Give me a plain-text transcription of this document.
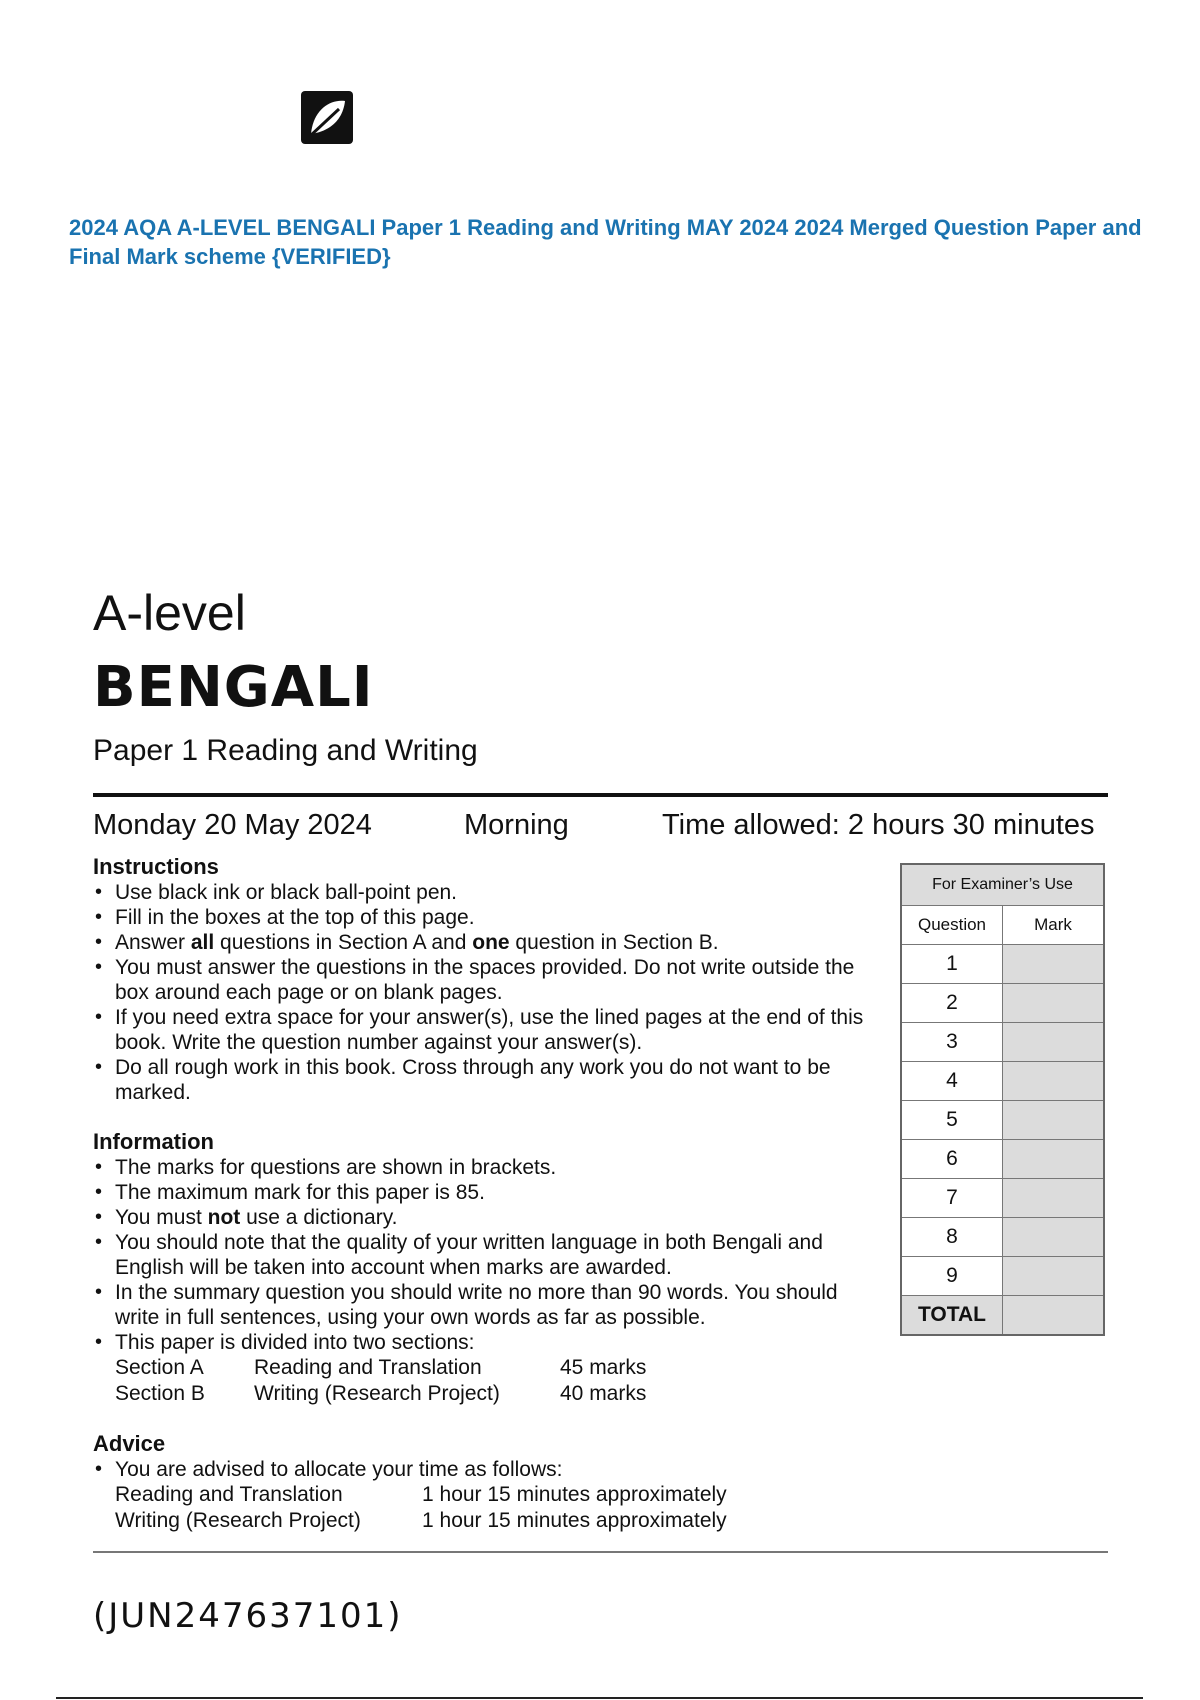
2024 AQA A-LEVEL BENGALI Paper 1 Reading and Writing MAY 2024 2024 Merged Question Paper and Final Mark scheme {VERIFIED}

A-level
BENGALI

Paper 1 Reading and Writing

Monday 20 May 2024	Morning	Time allowed: 2 hours 30 minutes
Instructions
• Use black ink or black ball-point pen.
• Fill in the boxes at the top of this page.
• Answer all questions in Section A and one question in Section B.
• You must answer the questions in the spaces provided. Do not write outside the box around each page or on blank pages.
• If you need extra space for your answer(s), use the lined pages at the end of this book. Write the question number against your answer(s).
• Do all rough work in this book. Cross through any work you do not want to be marked.
Information
• The marks for questions are shown in brackets.
• The maximum mark for this paper is 85.
• You must not use a dictionary.
• You should note that the quality of your written language in both Bengali and English will be taken into account when marks are awarded.
• In the summary question you should write no more than 90 words. You should write in full sentences, using your own words as far as possible.
• This paper is divided into two sections:
Section A	Reading and Translation	45 marks
Section B	Writing (Research Project)	40 marks
Advice
• You are advised to allocate your time as follows:
Reading and Translation	1 hour 15 minutes approximately
Writing (Research Project)	1 hour 15 minutes approximately
For Examiner’s Use	
Question	Mark
1	
2	
3	
4	
5	
6	
7	
8	
9	
TOTAL	
(JUN247637101)
